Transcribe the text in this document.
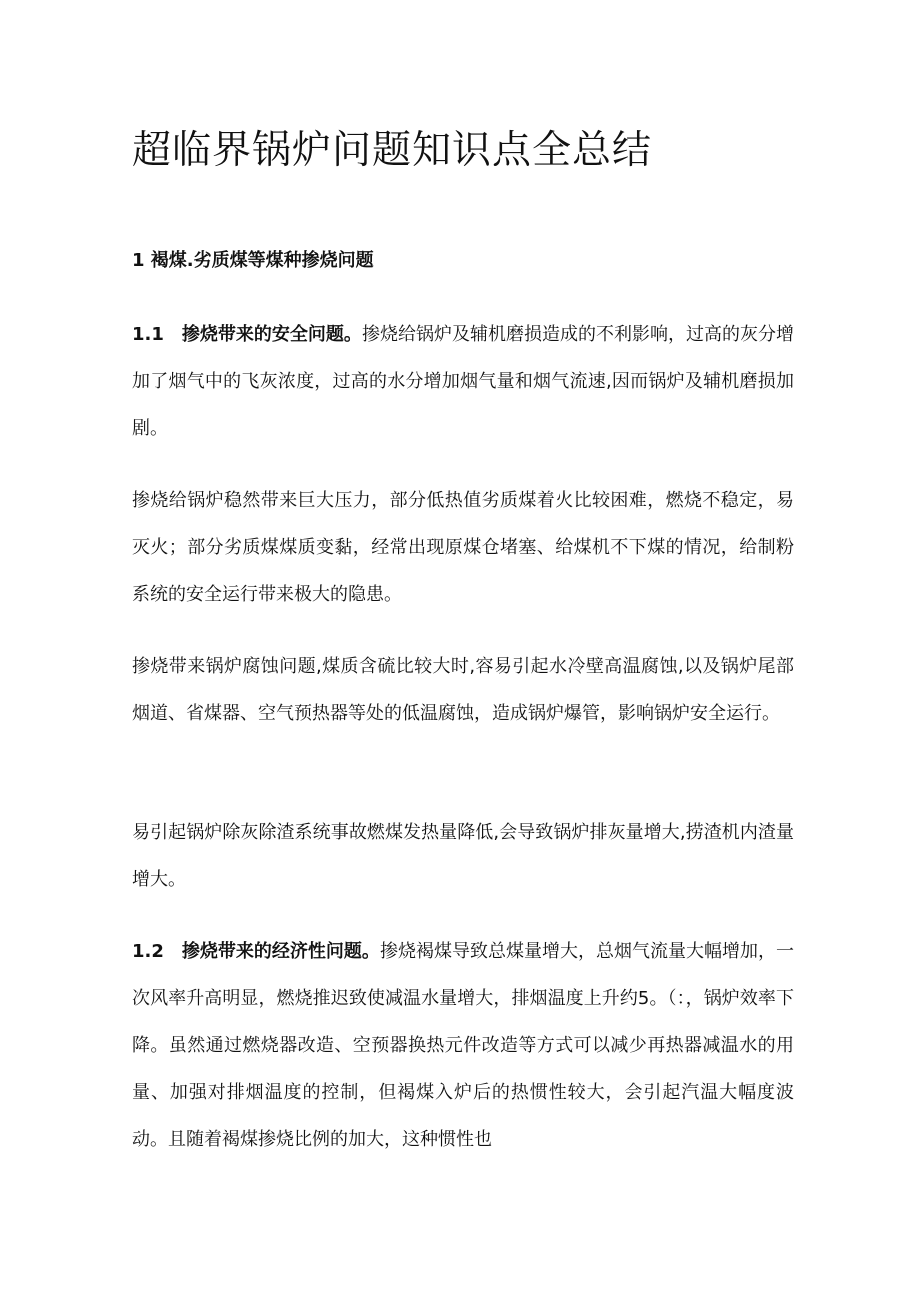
超临界锅炉问题知识点全总结
1 褐煤.劣质煤等煤种掺烧问题

1.1　掺烧带来的安全问题。掺烧给锅炉及辅机磨损造成的不利影响，过高的灰分增加了烟气中的飞灰浓度，过高的水分增加烟气量和烟气流速,因而锅炉及辅机磨损加剧。

掺烧给锅炉稳然带来巨大压力，部分低热值劣质煤着火比较困难，燃烧不稳定，易灭火；部分劣质煤煤质变黏，经常出现原煤仓堵塞、给煤机不下煤的情况，给制粉系统的安全运行带来极大的隐患。

掺烧带来锅炉腐蚀问题,煤质含硫比较大时,容易引起水冷壁高温腐蚀,以及锅炉尾部烟道、省煤器、空气预热器等处的低温腐蚀，造成锅炉爆管，影响锅炉安全运行。

易引起锅炉除灰除渣系统事故燃煤发热量降低,会导致锅炉排灰量增大,捞渣机内渣量增大。

1.2　掺烧带来的经济性问题。掺烧褐煤导致总煤量增大，总烟气流量大幅增加，一次风率升高明显，燃烧推迟致使减温水量增大，排烟温度上升约5。（：，锅炉效率下降。虽然通过燃烧器改造、空预器换热元件改造等方式可以减少再热器减温水的用量、加强对排烟温度的控制，但褐煤入炉后的热惯性较大，会引起汽温大幅度波动。且随着褐煤掺烧比例的加大，这种惯性也
